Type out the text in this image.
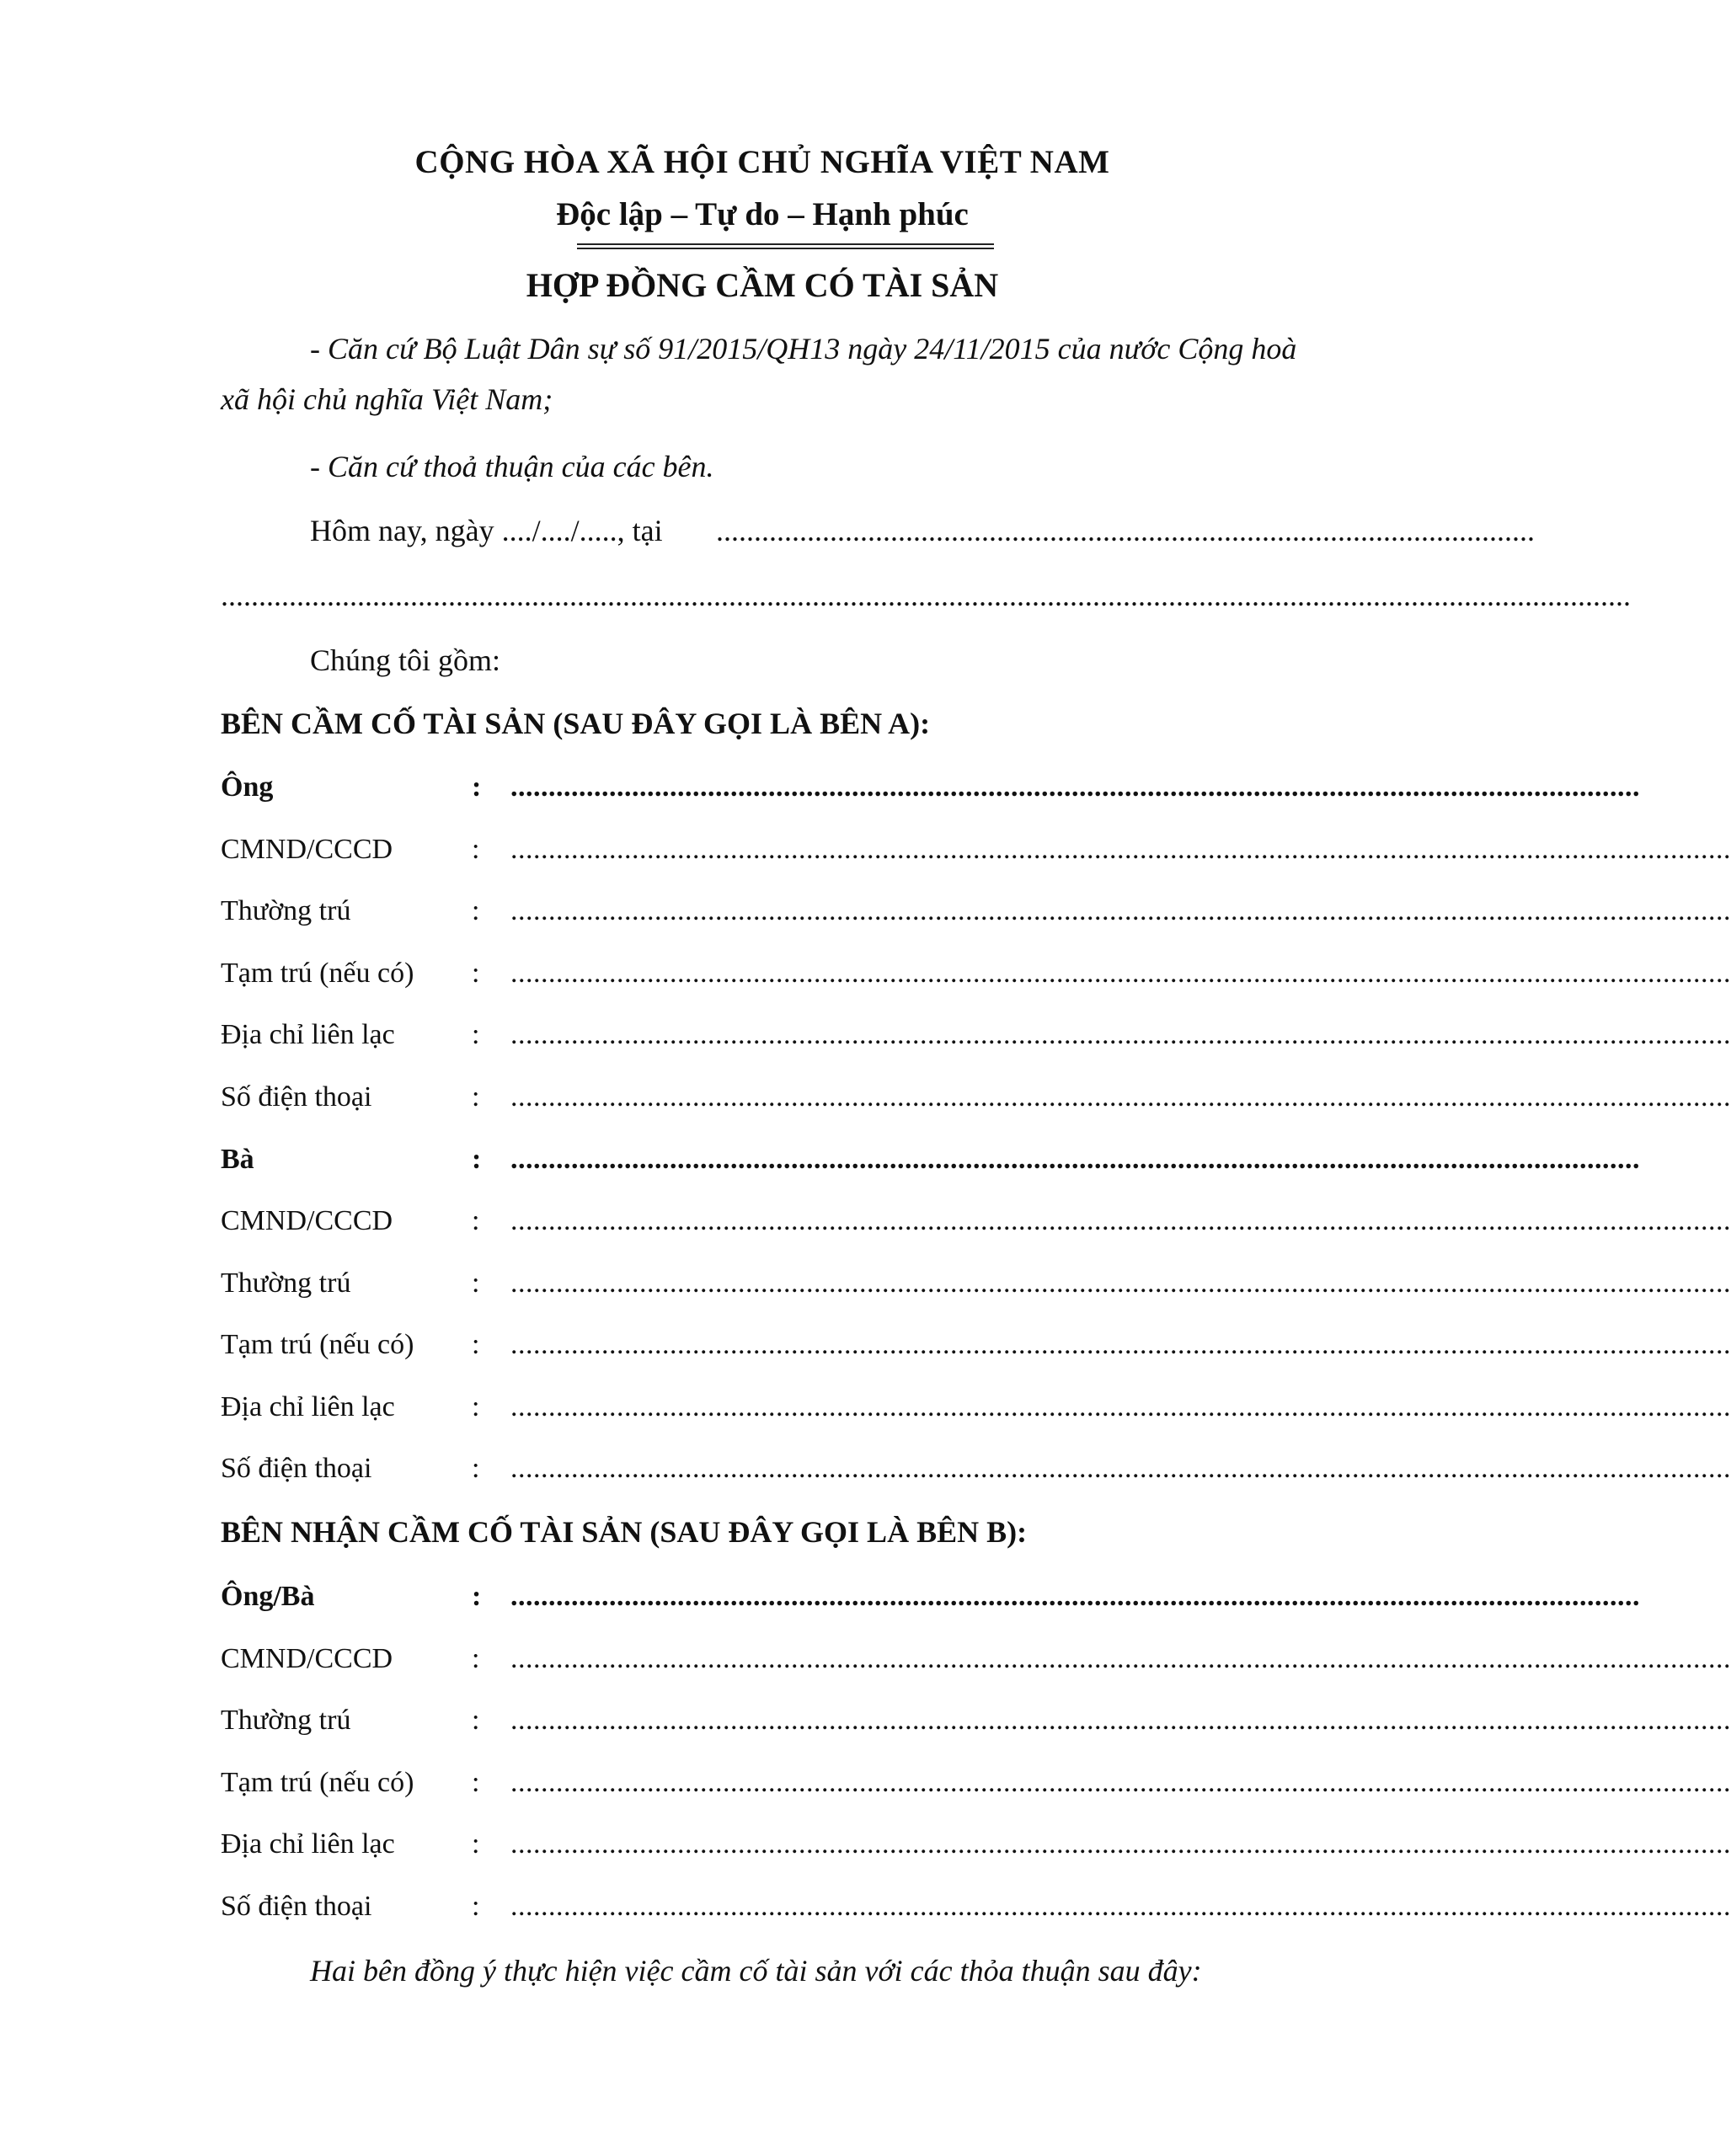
CỘNG HÒA XÃ HỘI CHỦ NGHĨA VIỆT NAM
Độc lập – Tự do – Hạnh phúc
HỢP ĐỒNG CẦM CÓ TÀI SẢN
- Căn cứ Bộ Luật Dân sự số 91/2015/QH13 ngày 24/11/2015 của nước Cộng hoà
xã hội chủ nghĩa Việt Nam;
- Căn cứ thoả thuận của các bên.
Hôm nay, ngày ..../..../....., tại ............................................................................................................
..........................................................................................................................................................................................
Chúng tôi gồm:
BÊN CẦM CỐ TÀI SẢN (SAU ĐÂY GỌI LÀ BÊN A):
Ông	: .....................................................................................................................................................
CMND/CCCD	: .................................................................................................................................................................
Thường trú	: .................................................................................................................................................................
Tạm trú (nếu có) : .................................................................................................................................................................
Địa chỉ liên lạc	: .................................................................................................................................................................
Số điện thoại	: .................................................................................................................................................................
Bà	: .....................................................................................................................................................
CMND/CCCD	: .................................................................................................................................................................
Thường trú	: .................................................................................................................................................................
Tạm trú (nếu có) : .................................................................................................................................................................
Địa chỉ liên lạc	: .................................................................................................................................................................
Số điện thoại	: .................................................................................................................................................................
BÊN NHẬN CẦM CỐ TÀI SẢN (SAU ĐÂY GỌI LÀ BÊN B):
Ông/Bà	: .....................................................................................................................................................
CMND/CCCD	: .................................................................................................................................................................
Thường trú	: .................................................................................................................................................................
Tạm trú (nếu có) : .................................................................................................................................................................
Địa chỉ liên lạc	: .................................................................................................................................................................
Số điện thoại	: .................................................................................................................................................................
Hai bên đồng ý thực hiện việc cầm cố tài sản với các thỏa thuận sau đây:
